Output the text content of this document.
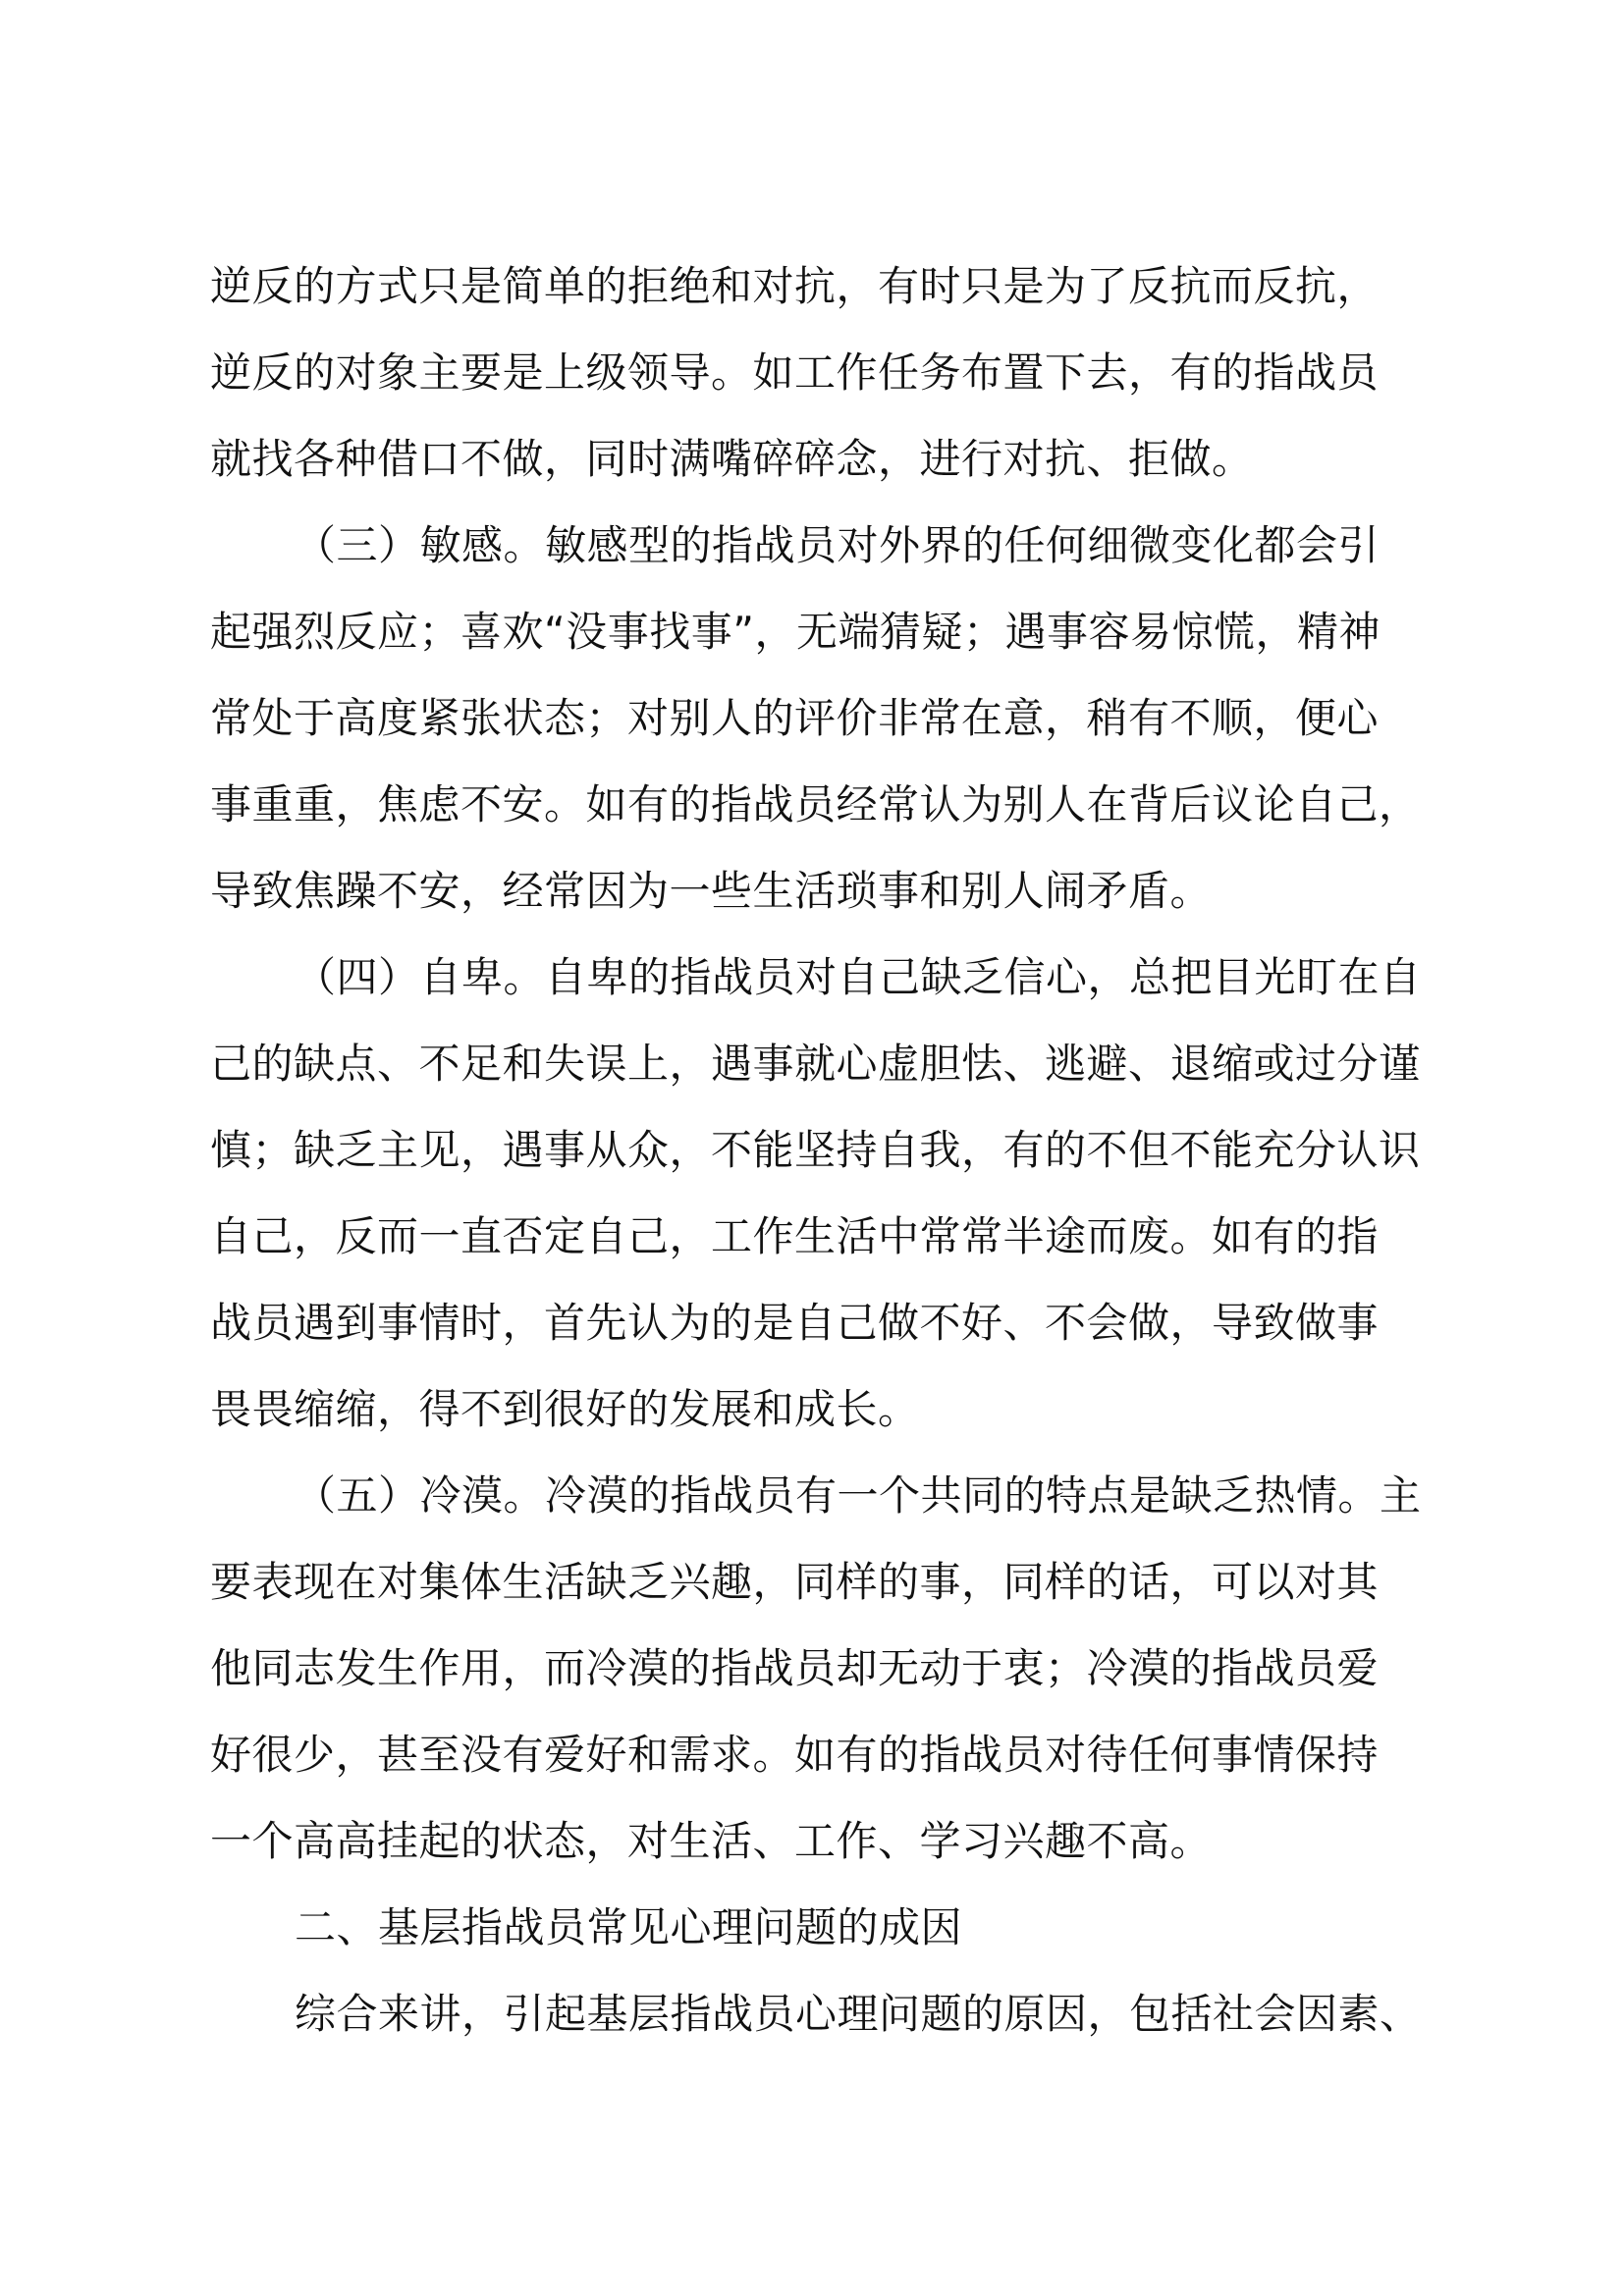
逆反的方式只是简单的拒绝和对抗，有时只是为了反抗而反抗，
逆反的对象主要是上级领导。如工作任务布置下去，有的指战员
就找各种借口不做，同时满嘴碎碎念，进行对抗、拒做。
（三）敏感。敏感型的指战员对外界的任何细微变化都会引
起强烈反应；喜欢“没事找事”，无端猜疑；遇事容易惊慌，精神
常处于高度紧张状态；对别人的评价非常在意，稍有不顺，便心
事重重，焦虑不安。如有的指战员经常认为别人在背后议论自己，
导致焦躁不安，经常因为一些生活琐事和别人闹矛盾。
（四）自卑。自卑的指战员对自己缺乏信心，总把目光盯在自
己的缺点、不足和失误上，遇事就心虚胆怯、逃避、退缩或过分谨
慎；缺乏主见，遇事从众，不能坚持自我，有的不但不能充分认识
自己，反而一直否定自己，工作生活中常常半途而废。如有的指
战员遇到事情时，首先认为的是自己做不好、不会做，导致做事
畏畏缩缩，得不到很好的发展和成长。
（五）冷漠。冷漠的指战员有一个共同的特点是缺乏热情。主
要表现在对集体生活缺乏兴趣，同样的事，同样的话，可以对其
他同志发生作用，而冷漠的指战员却无动于衷；冷漠的指战员爱
好很少，甚至没有爱好和需求。如有的指战员对待任何事情保持
一个高高挂起的状态，对生活、工作、学习兴趣不高。
二、基层指战员常见心理问题的成因
综合来讲，引起基层指战员心理问题的原因，包括社会因素、
